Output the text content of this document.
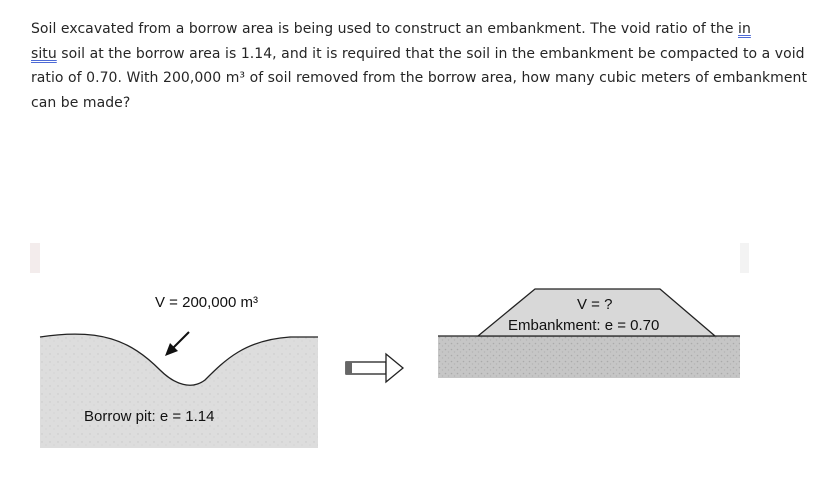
Soil excavated from a borrow area is being used to construct an embankment. The void ratio of the in
situ soil at the borrow area is 1.14, and it is required that the soil in the embankment be compacted to a void ratio of 0.70. With 200,000 m³ of soil removed from the borrow area, how many cubic meters of embankment can be made?
V = 200,000 m³
Borrow pit: e = 1.14
V = ?
Embankment: e = 0.70
